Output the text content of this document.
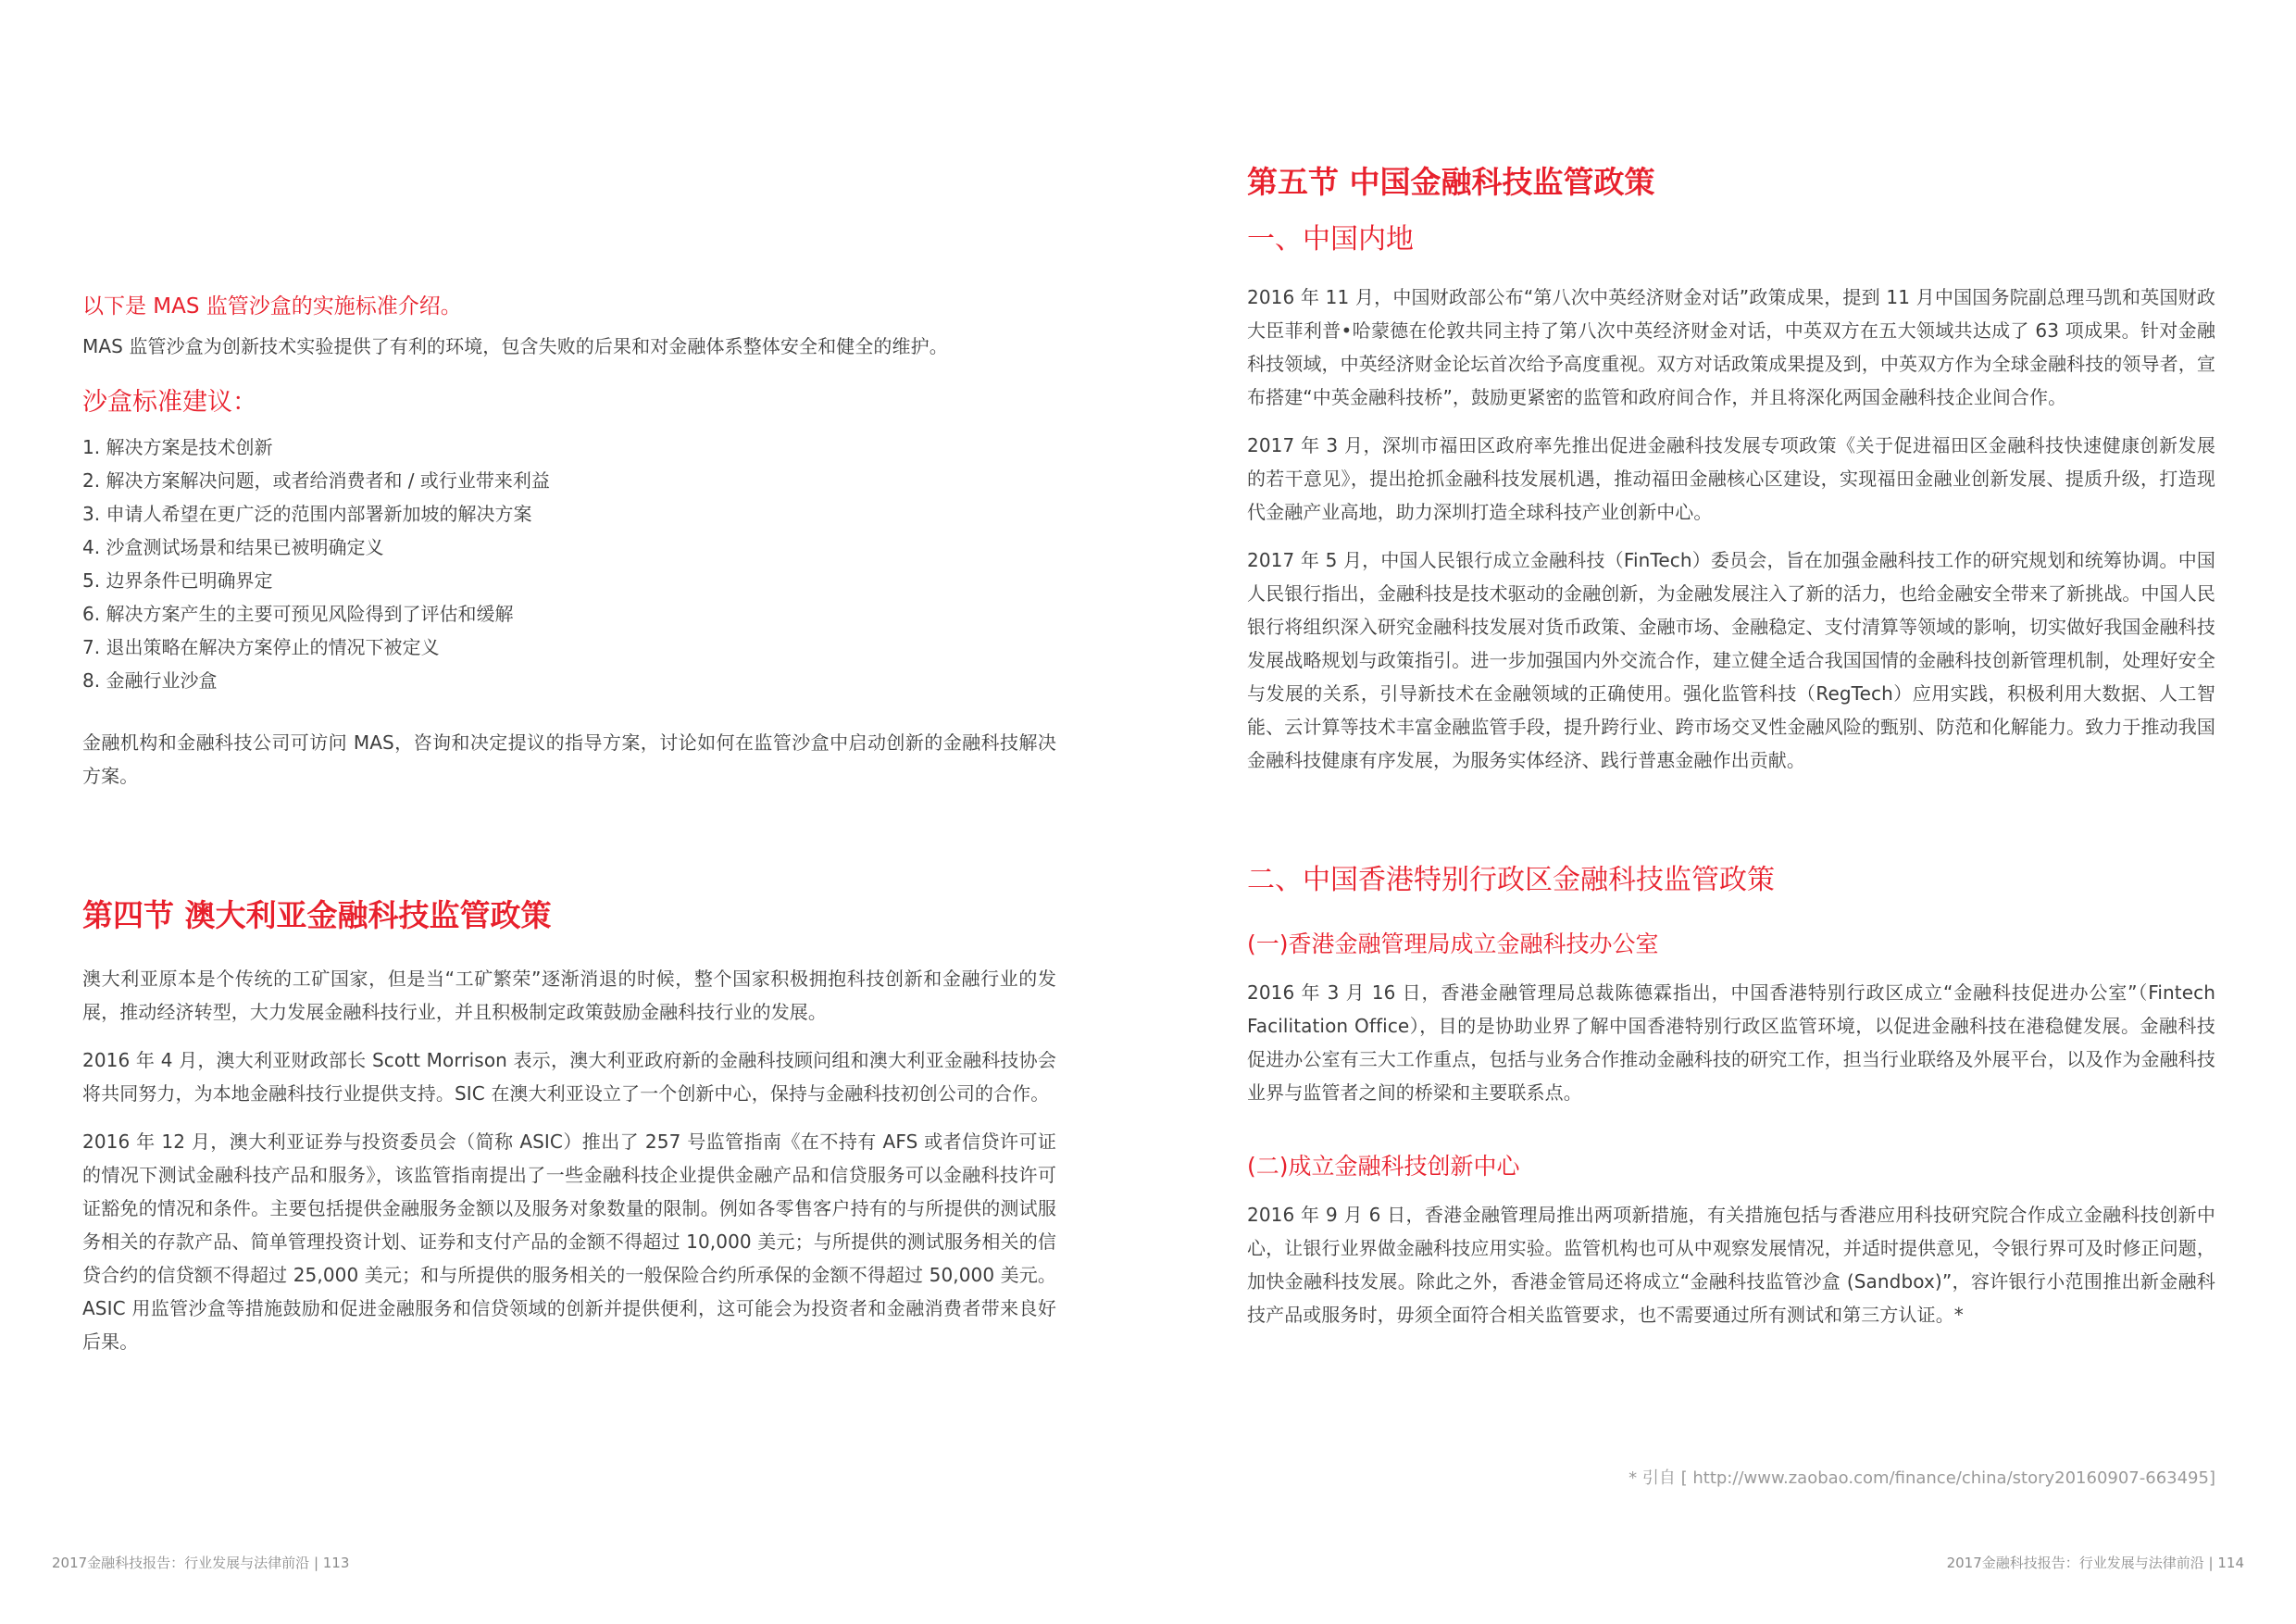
以下是 MAS 监管沙盒的实施标准介绍。

MAS 监管沙盒为创新技术实验提供了有利的环境，包含失败的后果和对金融体系整体安全和健全的维护。

沙盒标准建议：
1. 解决方案是技术创新
2. 解决方案解决问题，或者给消费者和 / 或行业带来利益
3. 申请人希望在更广泛的范围内部署新加坡的解决方案
4. 沙盒测试场景和结果已被明确定义
5. 边界条件已明确界定
6. 解决方案产生的主要可预见风险得到了评估和缓解
7. 退出策略在解决方案停止的情况下被定义
8. 金融行业沙盒

金融机构和金融科技公司可访问 MAS，咨询和决定提议的指导方案，讨论如何在监管沙盒中启动创新的金融科技解决方案。

第四节 澳大利亚金融科技监管政策

澳大利亚原本是个传统的工矿国家，但是当“工矿繁荣”逐渐消退的时候，整个国家积极拥抱科技创新和金融行业的发展，推动经济转型，大力发展金融科技行业，并且积极制定政策鼓励金融科技行业的发展。

2016 年 4 月，澳大利亚财政部长 Scott Morrison 表示，澳大利亚政府新的金融科技顾问组和澳大利亚金融科技协会将共同努力，为本地金融科技行业提供支持。SIC 在澳大利亚设立了一个创新中心，保持与金融科技初创公司的合作。

2016 年 12 月，澳大利亚证券与投资委员会（简称 ASIC）推出了 257 号监管指南《在不持有 AFS 或者信贷许可证的情况下测试金融科技产品和服务》，该监管指南提出了一些金融科技企业提供金融产品和信贷服务可以金融科技许可证豁免的情况和条件。主要包括提供金融服务金额以及服务对象数量的限制。例如各零售客户持有的与所提供的测试服务相关的存款产品、简单管理投资计划、证券和支付产品的金额不得超过 10,000 美元；与所提供的测试服务相关的信贷合约的信贷额不得超过 25,000 美元；和与所提供的服务相关的一般保险合约所承保的金额不得超过 50,000 美元。ASIC 用监管沙盒等措施鼓励和促进金融服务和信贷领域的创新并提供便利，这可能会为投资者和金融消费者带来良好后果。

第五节 中国金融科技监管政策
一、中国内地

2016 年 11 月，中国财政部公布“第八次中英经济财金对话”政策成果，提到 11 月中国国务院副总理马凯和英国财政大臣菲利普•哈蒙德在伦敦共同主持了第八次中英经济财金对话，中英双方在五大领域共达成了 63 项成果。针对金融科技领域，中英经济财金论坛首次给予高度重视。双方对话政策成果提及到，中英双方作为全球金融科技的领导者，宣布搭建“中英金融科技桥”，鼓励更紧密的监管和政府间合作，并且将深化两国金融科技企业间合作。

2017 年 3 月，深圳市福田区政府率先推出促进金融科技发展专项政策《关于促进福田区金融科技快速健康创新发展的若干意见》，提出抢抓金融科技发展机遇，推动福田金融核心区建设，实现福田金融业创新发展、提质升级，打造现代金融产业高地，助力深圳打造全球科技产业创新中心。

2017 年 5 月，中国人民银行成立金融科技（FinTech）委员会，旨在加强金融科技工作的研究规划和统筹协调。中国人民银行指出，金融科技是技术驱动的金融创新，为金融发展注入了新的活力，也给金融安全带来了新挑战。中国人民银行将组织深入研究金融科技发展对货币政策、金融市场、金融稳定、支付清算等领域的影响，切实做好我国金融科技发展战略规划与政策指引。进一步加强国内外交流合作，建立健全适合我国国情的金融科技创新管理机制，处理好安全与发展的关系，引导新技术在金融领域的正确使用。强化监管科技（RegTech）应用实践，积极利用大数据、人工智能、云计算等技术丰富金融监管手段，提升跨行业、跨市场交叉性金融风险的甄别、防范和化解能力。致力于推动我国金融科技健康有序发展，为服务实体经济、践行普惠金融作出贡献。

二、中国香港特别行政区金融科技监管政策
(一)香港金融管理局成立金融科技办公室

2016 年 3 月 16 日，香港金融管理局总裁陈德霖指出，中国香港特别行政区成立“金融科技促进办公室”（Fintech Facilitation Office），目的是协助业界了解中国香港特别行政区监管环境，以促进金融科技在港稳健发展。金融科技促进办公室有三大工作重点，包括与业务合作推动金融科技的研究工作，担当行业联络及外展平台，以及作为金融科技业界与监管者之间的桥梁和主要联系点。

(二)成立金融科技创新中心

2016 年 9 月 6 日，香港金融管理局推出两项新措施，有关措施包括与香港应用科技研究院合作成立金融科技创新中心，让银行业界做金融科技应用实验。监管机构也可从中观察发展情况，并适时提供意见，令银行界可及时修正问题，加快金融科技发展。除此之外，香港金管局还将成立“金融科技监管沙盒 (Sandbox)”，容许银行小范围推出新金融科技产品或服务时，毋须全面符合相关监管要求，也不需要通过所有测试和第三方认证。*

* 引自 [ http://www.zaobao.com/finance/china/story20160907-663495]
2017金融科技报告：行业发展与法律前沿 | 113	2017金融科技报告：行业发展与法律前沿 | 114
